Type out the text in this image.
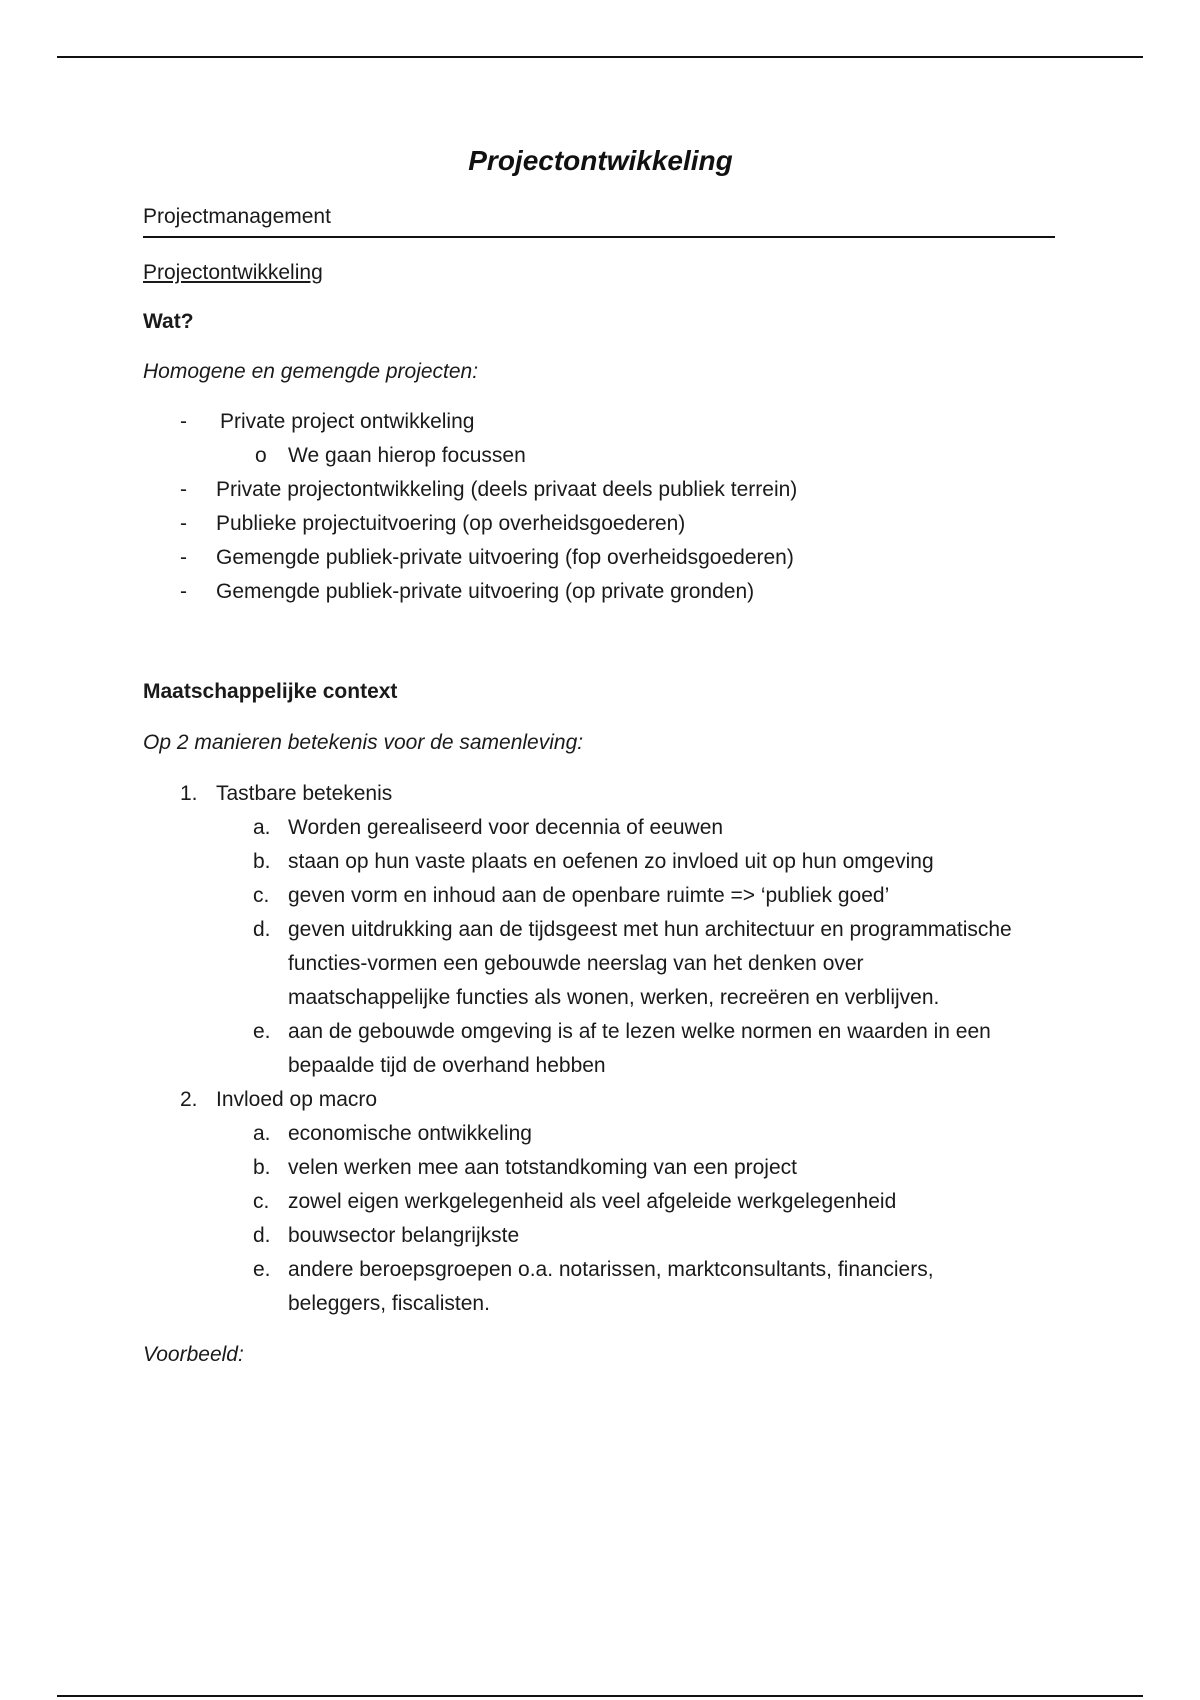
Projectontwikkeling
Projectmanagement
Projectontwikkeling
Wat?
Homogene en gemengde projecten:
- Private project ontwikkeling
o We gaan hierop focussen
- Private projectontwikkeling (deels privaat deels publiek terrein)
- Publieke projectuitvoering (op overheidsgoederen)
- Gemengde publiek-private uitvoering (fop overheidsgoederen)
- Gemengde publiek-private uitvoering (op private gronden)
Maatschappelijke context
Op 2 manieren betekenis voor de samenleving:
1. Tastbare betekenis
a. Worden gerealiseerd voor decennia of eeuwen
b. staan op hun vaste plaats en oefenen zo invloed uit op hun omgeving
c. geven vorm en inhoud aan de openbare ruimte => ‘publiek goed’
d. geven uitdrukking aan de tijdsgeest met hun architectuur en programmatische
functies-vormen een gebouwde neerslag van het denken over
maatschappelijke functies als wonen, werken, recreëren en verblijven.
e. aan de gebouwde omgeving is af te lezen welke normen en waarden in een
bepaalde tijd de overhand hebben
2. Invloed op macro
a. economische ontwikkeling
b. velen werken mee aan totstandkoming van een project
c. zowel eigen werkgelegenheid als veel afgeleide werkgelegenheid
d. bouwsector belangrijkste
e. andere beroepsgroepen o.a. notarissen, marktconsultants, financiers,
beleggers, fiscalisten.
Voorbeeld:
